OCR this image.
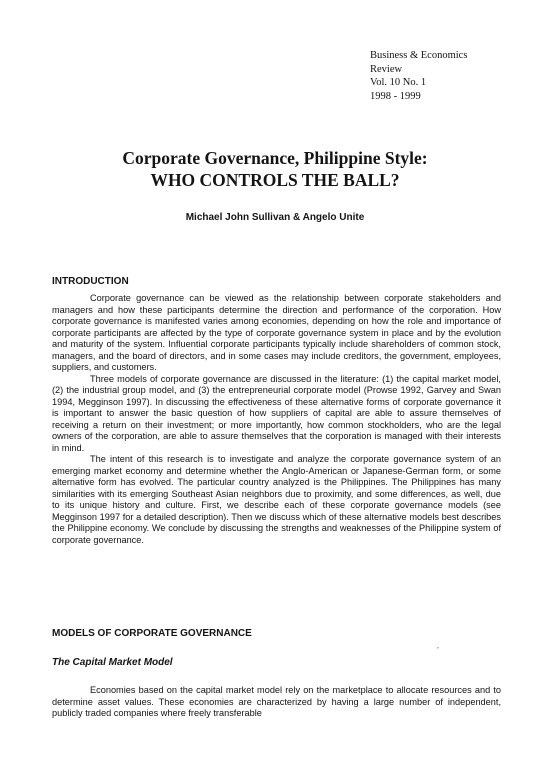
Business & Economics
Review
Vol. 10 No. 1
1998 - 1999
Corporate Governance, Philippine Style:
WHO CONTROLS THE BALL?
Michael John Sullivan & Angelo Unite
INTRODUCTION

Corporate governance can be viewed as the relationship between corporate stakeholders and managers and how these participants determine the direction and performance of the corporation. How corporate governance is manifested varies among economies, depending on how the role and importance of corporate participants are affected by the type of corporate governance system in place and by the evolution and maturity of the system. Influential corporate participants typically include shareholders of common stock, managers, and the board of directors, and in some cases may include creditors, the government, employees, suppliers, and customers.

Three models of corporate governance are discussed in the literature: (1) the capital market model, (2) the industrial group model, and (3) the entrepreneurial corporate model (Prowse 1992, Garvey and Swan 1994, Megginson 1997). In discussing the effectiveness of these alternative forms of corporate governance it is important to answer the basic question of how suppliers of capital are able to assure themselves of receiving a return on their investment; or more importantly, how common stockholders, who are the legal owners of the corporation, are able to assure themselves that the corporation is managed with their interests in mind.

The intent of this research is to investigate and analyze the corporate governance system of an emerging market economy and determine whether the Anglo-American or Japanese-German form, or some alternative form has evolved. The particular country analyzed is the Philippines. The Philippines has many similarities with its emerging Southeast Asian neighbors due to proximity, and some differences, as well, due to its unique history and culture. First, we describe each of these corporate governance models (see Megginson 1997 for a detailed description). Then we discuss which of these alternative models best describes the Philippine economy. We conclude by discussing the strengths and weaknesses of the Philippine system of corporate governance.

MODELS OF CORPORATE GOVERNANCE
The Capital Market Model
’

Economies based on the capital market model rely on the marketplace to allocate resources and to determine asset values. These economies are characterized by having a large number of independent, publicly traded companies where freely transferable
